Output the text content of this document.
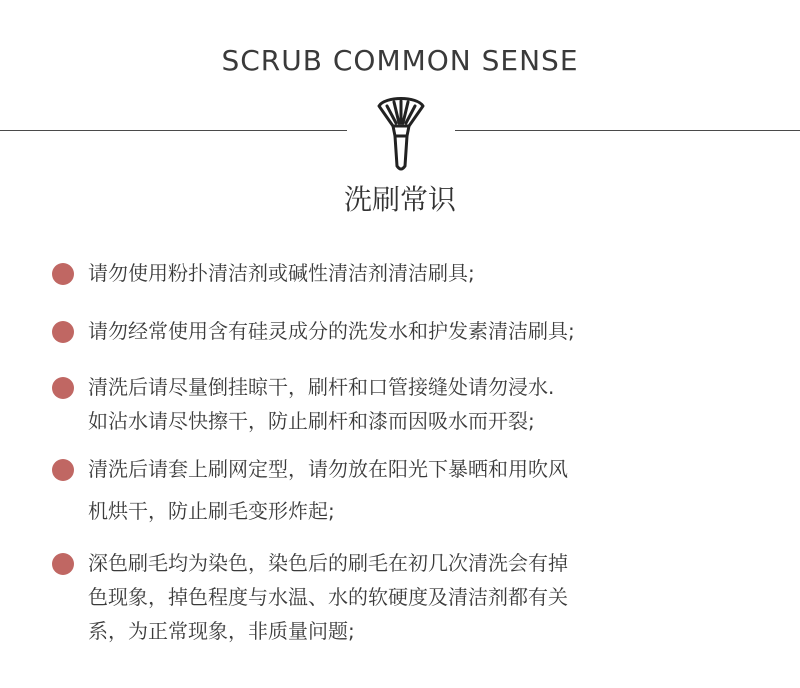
SCRUB COMMON SENSE
洗刷常识
请勿使用粉扑清洁剂或碱性清洁剂清洁刷具;
请勿经常使用含有硅灵成分的洗发水和护发素清洁刷具;
清洗后请尽量倒挂晾干，刷杆和口管接缝处请勿浸水.
如沾水请尽快擦干，防止刷杆和漆而因吸水而开裂;
清洗后请套上刷网定型，请勿放在阳光下暴晒和用吹风
机烘干，防止刷毛变形炸起;
深色刷毛均为染色，染色后的刷毛在初几次清洗会有掉
色现象，掉色程度与水温、水的软硬度及清洁剂都有关
系，为正常现象，非质量问题;
